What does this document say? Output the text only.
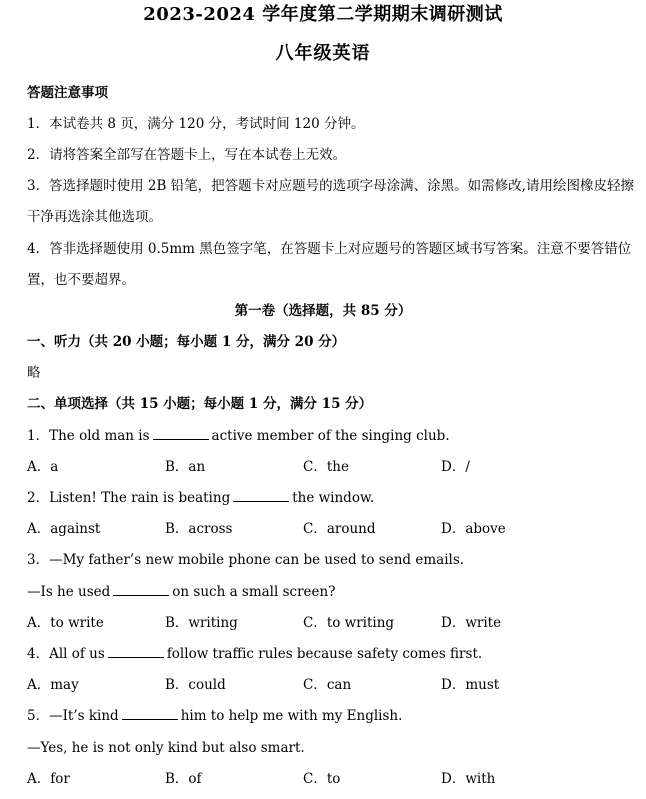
2023-2024 学年度第二学期期末调研测试
八年级英语
答题注意事项
1．本试卷共 8 页，满分 120 分，考试时间 120 分钟。
2．请将答案全部写在答题卡上，写在本试卷上无效。
3．答选择题时使用 2B 铅笔，把答题卡对应题号的选项字母涂满、涂黑。如需修改,请用绘图橡皮轻擦
干净再选涂其他选项。
4．答非选择题使用 0.5mm 黑色签字笔，在答题卡上对应题号的答题区域书写答案。注意不要答错位
置，也不要超界。
第一卷（选择题，共 85 分）
一、听力（共 20 小题；每小题 1 分，满分 20 分）
略
二、单项选择（共 15 小题；每小题 1 分，满分 15 分）
1．The old man is	active member of the singing club.
A．a	B．an	C．the	D．/
2．Listen! The rain is beating	the window.
A．against	B．across	C．around	D．above
3．—My father’s new mobile phone can be used to send emails.
—Is he used	on such a small screen?
A．to write	B．writing	C．to writing	D．write
4．All of us	follow traffic rules because safety comes first.
A．may	B．could	C．can	D．must
5．—It’s kind	him to help me with my English.
—Yes, he is not only kind but also smart.
A．for	B．of	C．to	D．with
